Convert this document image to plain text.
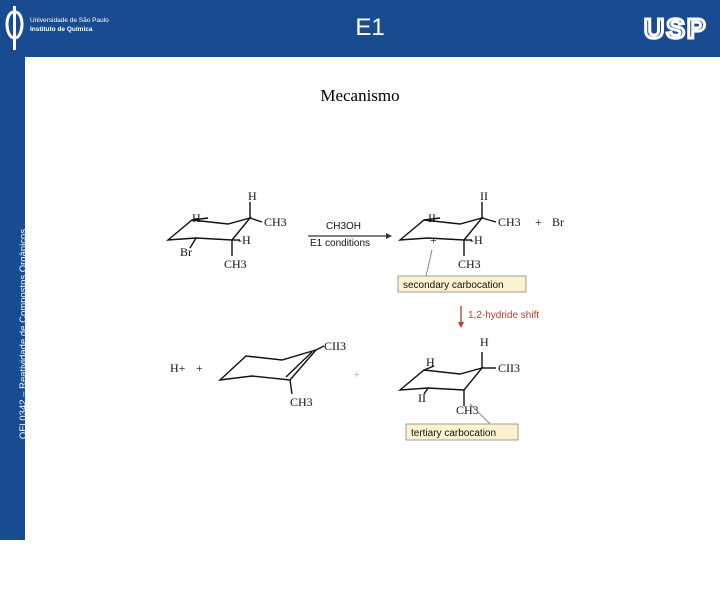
Universidade de São Paulo
Instituto de Química	E1	USP
QFL0342 – Reatividade de Compostos Orgânicos
37
Mecanismo
H
CH3
H
Br
-H
CH3
CH3OH
E1 conditions
II
CH3
II
+	-H
CH3
+ Br
secondary carbocation
1,2-hydride shift
H+ +
CII3
CH3
+
H
CII3
H
II
CH3
tertiary carbocation
